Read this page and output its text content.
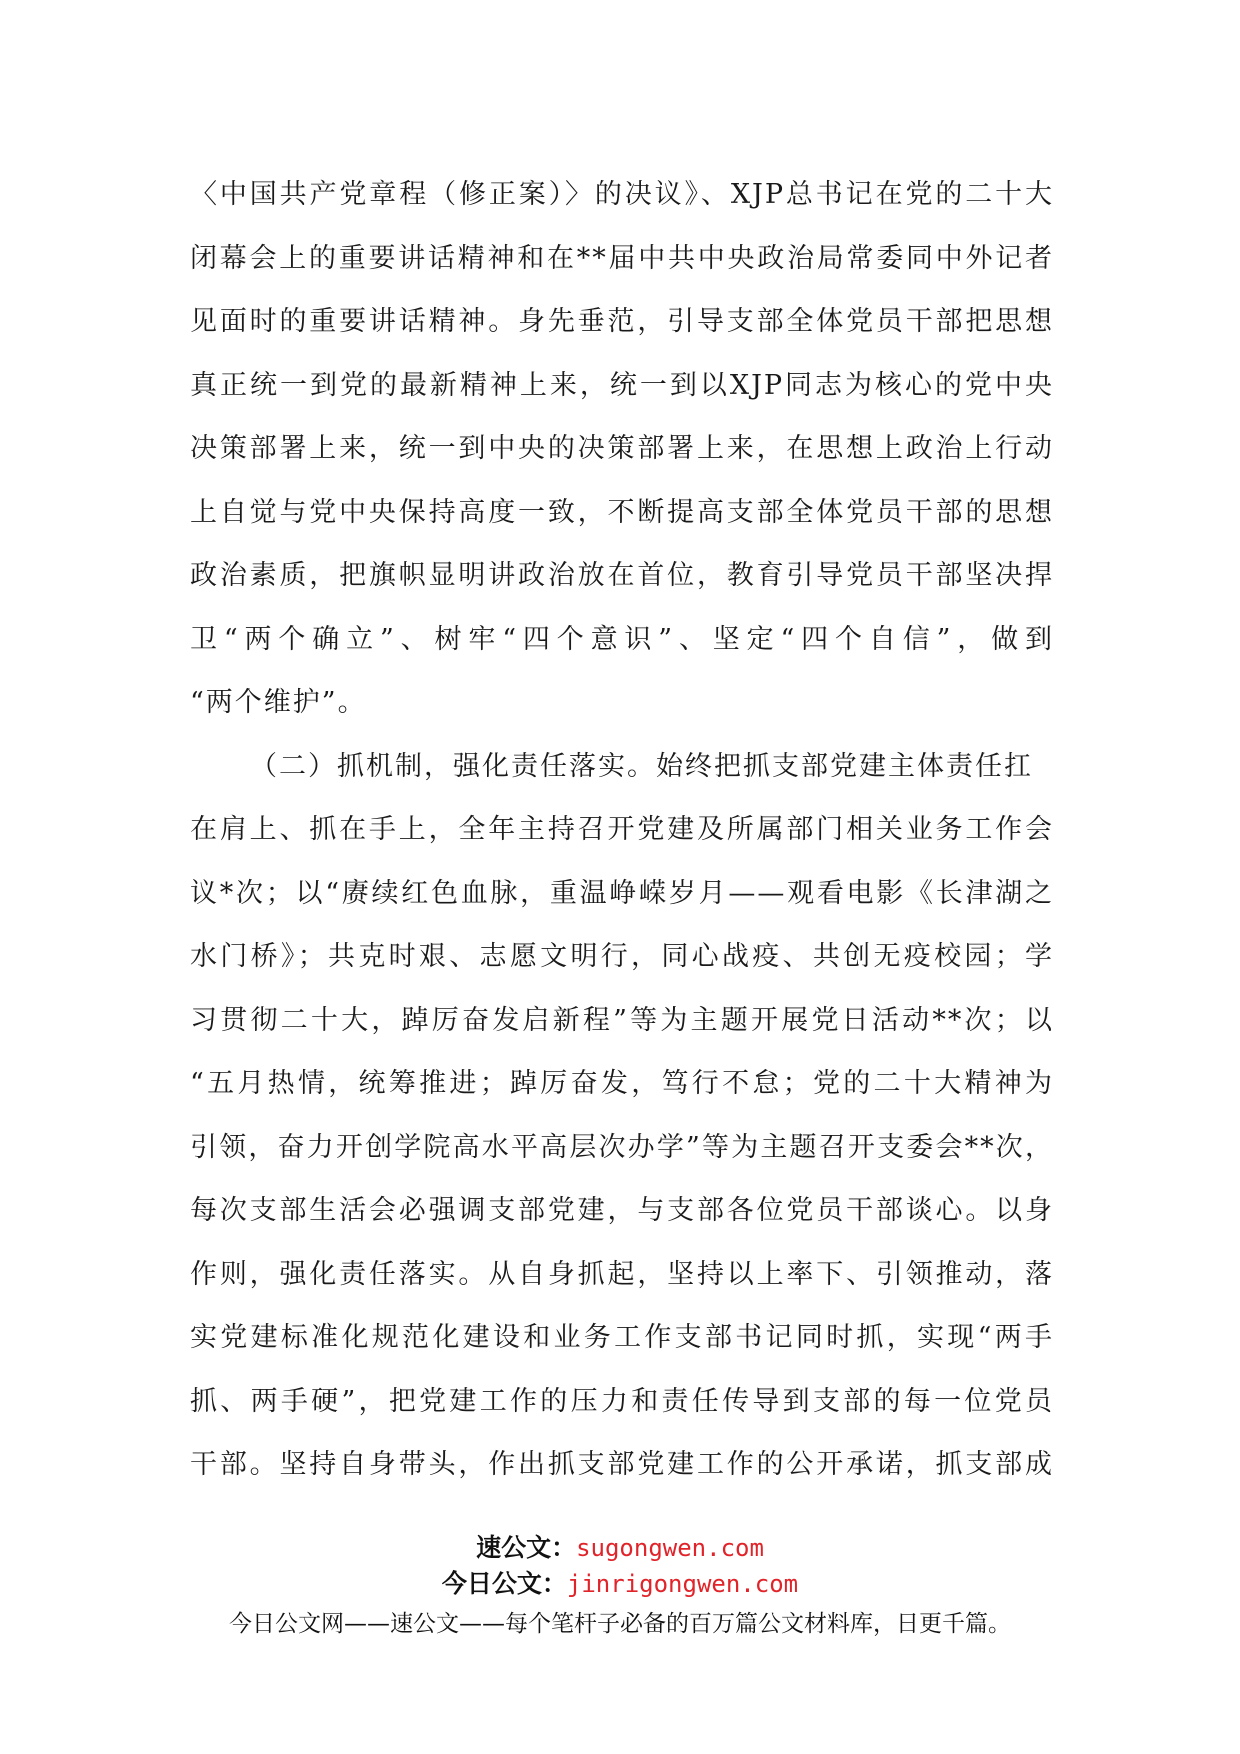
〈中国共产党章程（修正案）〉的决议》、XJP总书记在党的二十大
闭幕会上的重要讲话精神和在**届中共中央政治局常委同中外记者
见面时的重要讲话精神。身先垂范，引导支部全体党员干部把思想
真正统一到党的最新精神上来，统一到以XJP同志为核心的党中央
决策部署上来，统一到中央的决策部署上来，在思想上政治上行动
上自觉与党中央保持高度一致，不断提高支部全体党员干部的思想
政治素质，把旗帜显明讲政治放在首位，教育引导党员干部坚决捍
卫“两个确立”、树牢“四个意识”、坚定“四个自信”，做到
“两个维护”。
（二）抓机制，强化责任落实。始终把抓支部党建主体责任扛
在肩上、抓在手上，全年主持召开党建及所属部门相关业务工作会
议*次；以“赓续红色血脉，重温峥嵘岁月——观看电影《长津湖之
水门桥》；共克时艰、志愿文明行，同心战疫、共创无疫校园；学
习贯彻二十大，踔厉奋发启新程”等为主题开展党日活动**次；以
“五月热情，统筹推进；踔厉奋发，笃行不怠；党的二十大精神为
引领，奋力开创学院高水平高层次办学”等为主题召开支委会**次，
每次支部生活会必强调支部党建，与支部各位党员干部谈心。以身
作则，强化责任落实。从自身抓起，坚持以上率下、引领推动，落
实党建标准化规范化建设和业务工作支部书记同时抓，实现“两手
抓、两手硬”，把党建工作的压力和责任传导到支部的每一位党员
干部。坚持自身带头，作出抓支部党建工作的公开承诺，抓支部成
速公文：sugongwen.com
今日公文：jinrigongwen.com
今日公文网——速公文——每个笔杆子必备的百万篇公文材料库，日更千篇。
